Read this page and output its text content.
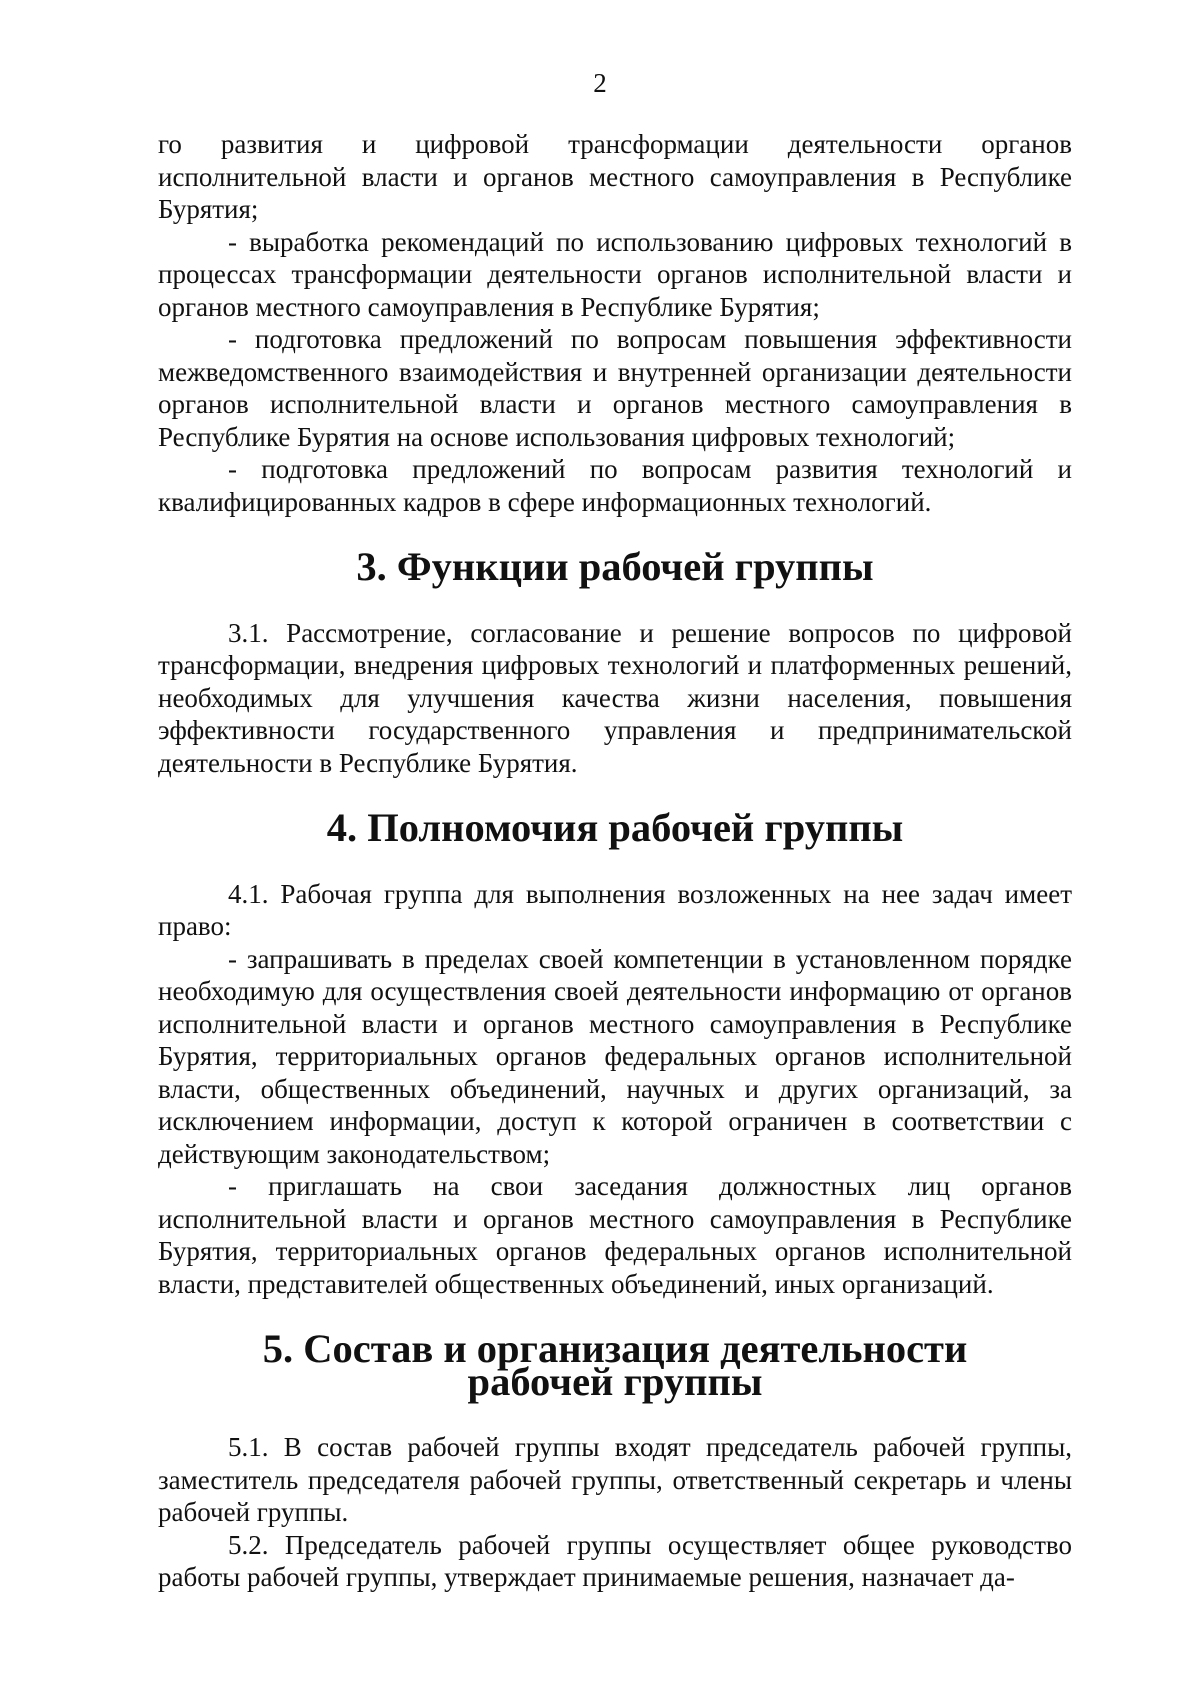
2

го развития и цифровой трансформации деятельности органов исполнительной власти и органов местного самоуправления в Республике Бурятия;

- выработка рекомендаций по использованию цифровых технологий в процессах трансформации деятельности органов исполнительной власти и органов местного самоуправления в Республике Бурятия;

- подготовка предложений по вопросам повышения эффективности межведомственного взаимодействия и внутренней организации деятельности органов исполнительной власти и органов местного самоуправления в Республике Бурятия на основе использования цифровых технологий;

- подготовка предложений по вопросам развития технологий и квалифицированных кадров в сфере информационных технологий.

3. Функции рабочей группы

3.1. Рассмотрение, согласование и решение вопросов по цифровой трансформации, внедрения цифровых технологий и платформенных решений, необходимых для улучшения качества жизни населения, повышения эффективности государственного управления и предпринимательской деятельности в Республике Бурятия.

4. Полномочия рабочей группы

4.1. Рабочая группа для выполнения возложенных на нее задач имеет право:

- запрашивать в пределах своей компетенции в установленном порядке необходимую для осуществления своей деятельности информацию от органов исполнительной власти и органов местного самоуправления в Республике Бурятия, территориальных органов федеральных органов исполнительной власти, общественных объединений, научных и других организаций, за исключением информации, доступ к которой ограничен в соответствии с действующим законодательством;

- приглашать на свои заседания должностных лиц органов исполнительной власти и органов местного самоуправления в Республике Бурятия, территориальных органов федеральных органов исполнительной власти, представителей общественных объединений, иных организаций.

5. Состав и организация деятельности
рабочей группы

5.1. В состав рабочей группы входят председатель рабочей группы, заместитель председателя рабочей группы, ответственный секретарь и члены рабочей группы.

5.2. Председатель рабочей группы осуществляет общее руководство работы рабочей группы, утверждает принимаемые решения, назначает да-
